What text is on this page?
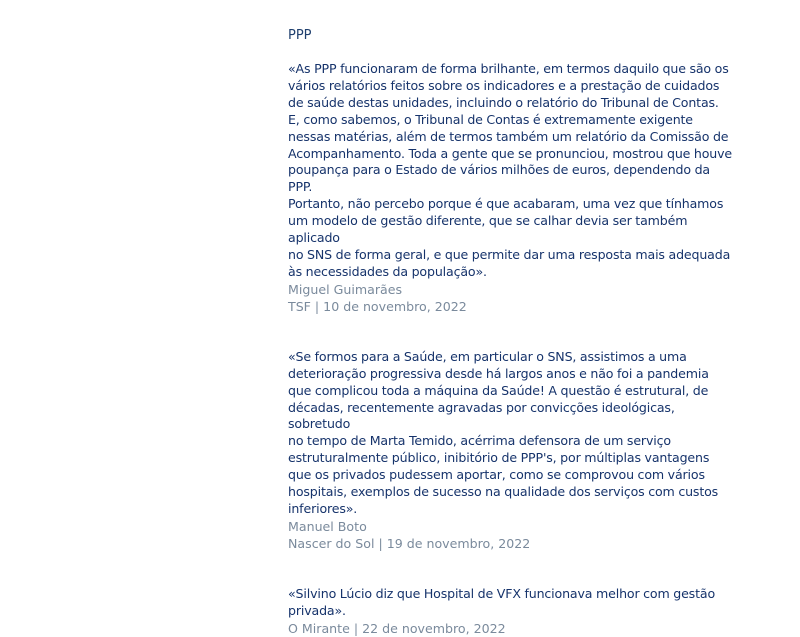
PPP

«As PPP funcionaram de forma brilhante, em termos daquilo que são os
vários relatórios feitos sobre os indicadores e a prestação de cuidados
de saúde destas unidades, incluindo o relatório do Tribunal de Contas.
E, como sabemos, o Tribunal de Contas é extremamente exigente
nessas matérias, além de termos também um relatório da Comissão de
Acompanhamento. Toda a gente que se pronunciou, mostrou que houve
poupança para o Estado de vários milhões de euros, dependendo da PPP.
Portanto, não percebo porque é que acabaram, uma vez que tínhamos
um modelo de gestão diferente, que se calhar devia ser também aplicado
no SNS de forma geral, e que permite dar uma resposta mais adequada
às necessidades da população».

Miguel Guimarães

TSF | 10 de novembro, 2022

«Se formos para a Saúde, em particular o SNS, assistimos a uma
deterioração progressiva desde há largos anos e não foi a pandemia
que complicou toda a máquina da Saúde! A questão é estrutural, de
décadas, recentemente agravadas por convicções ideológicas, sobretudo
no tempo de Marta Temido, acérrima defensora de um serviço
estruturalmente público, inibitório de PPP's, por múltiplas vantagens
que os privados pudessem aportar, como se comprovou com vários
hospitais, exemplos de sucesso na qualidade dos serviços com custos
inferiores».

Manuel Boto

Nascer do Sol | 19 de novembro, 2022

«Silvino Lúcio diz que Hospital de VFX funcionava melhor com gestão
privada».

O Mirante | 22 de novembro, 2022
